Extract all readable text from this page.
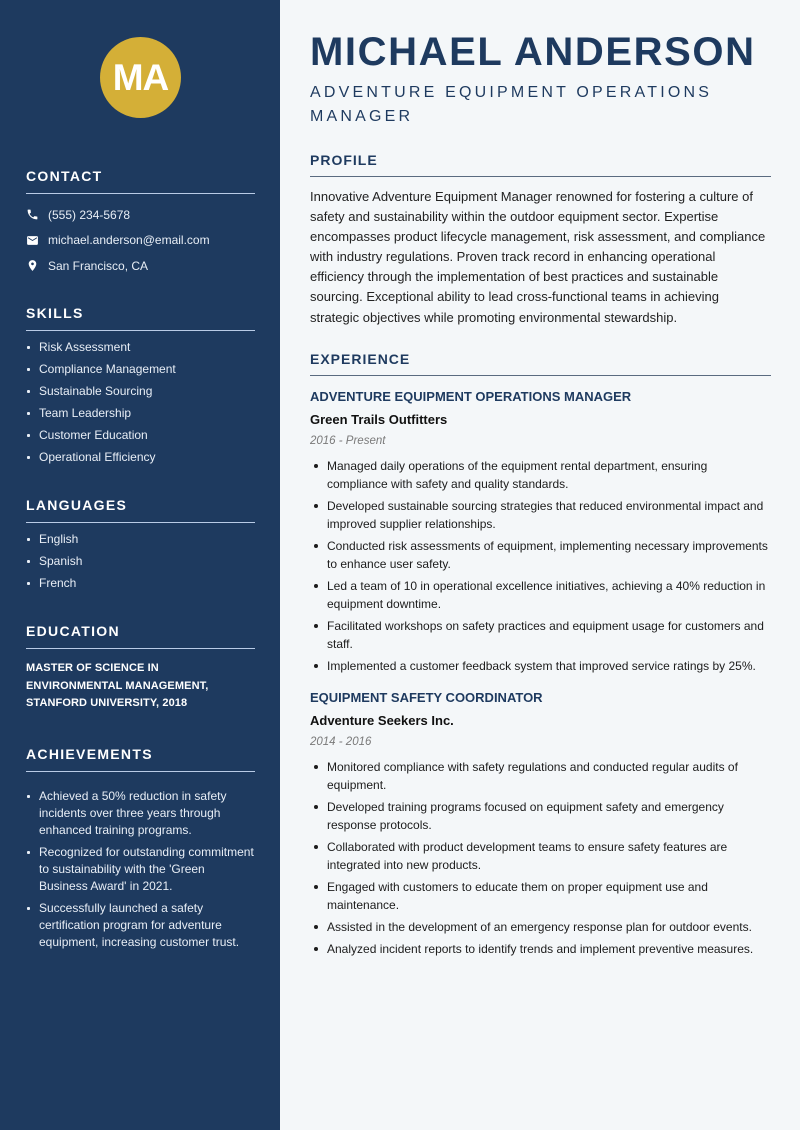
MA
CONTACT
(555) 234-5678
michael.anderson@email.com
San Francisco, CA
SKILLS
Risk Assessment
Compliance Management
Sustainable Sourcing
Team Leadership
Customer Education
Operational Efficiency
LANGUAGES
English
Spanish
French
EDUCATION

MASTER OF SCIENCE IN ENVIRONMENTAL MANAGEMENT, STANFORD UNIVERSITY, 2018

ACHIEVEMENTS
Achieved a 50% reduction in safety incidents over three years through enhanced training programs.
Recognized for outstanding commitment to sustainability with the 'Green Business Award' in 2021.
Successfully launched a safety certification program for adventure equipment, increasing customer trust.
MICHAEL ANDERSON
ADVENTURE EQUIPMENT OPERATIONS MANAGER
PROFILE

Innovative Adventure Equipment Manager renowned for fostering a culture of safety and sustainability within the outdoor equipment sector. Expertise encompasses product lifecycle management, risk assessment, and compliance with industry regulations. Proven track record in enhancing operational efficiency through the implementation of best practices and sustainable sourcing. Exceptional ability to lead cross-functional teams in achieving strategic objectives while promoting environmental stewardship.

EXPERIENCE
ADVENTURE EQUIPMENT OPERATIONS MANAGER
Green Trails Outfitters
2016 - Present
Managed daily operations of the equipment rental department, ensuring compliance with safety and quality standards.
Developed sustainable sourcing strategies that reduced environmental impact and improved supplier relationships.
Conducted risk assessments of equipment, implementing necessary improvements to enhance user safety.
Led a team of 10 in operational excellence initiatives, achieving a 40% reduction in equipment downtime.
Facilitated workshops on safety practices and equipment usage for customers and staff.
Implemented a customer feedback system that improved service ratings by 25%.
EQUIPMENT SAFETY COORDINATOR
Adventure Seekers Inc.
2014 - 2016
Monitored compliance with safety regulations and conducted regular audits of equipment.
Developed training programs focused on equipment safety and emergency response protocols.
Collaborated with product development teams to ensure safety features are integrated into new products.
Engaged with customers to educate them on proper equipment use and maintenance.
Assisted in the development of an emergency response plan for outdoor events.
Analyzed incident reports to identify trends and implement preventive measures.
